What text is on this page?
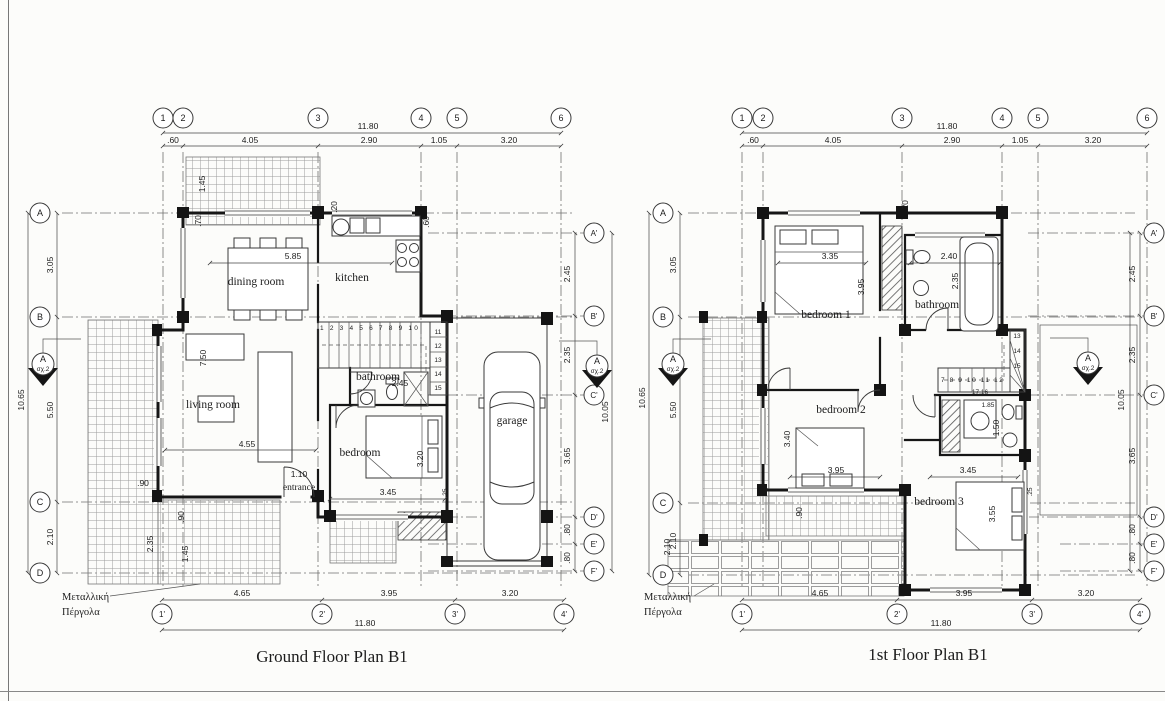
1 2 3 4 5 6 7 8 9 10
11
12
13
14
15
dining room	kitchen
living room
bathroom
bedroom
entrance
garage
5.85
7.50
4.55
1.10
3.45
3.20
2.45
.60
.20
1.45
.70
.90
.90
2.35
1.45
.25
11.80
.60	4.05	2.90	1.05	3.20
1 2	3	4	5	6
10.65
3.05
5.50
2.10
A
B
C
D
10.05
2.45
2.35
3.65
.80
.80
A'
B'
C'
D'
E'
F'
11.80
4.65	3.95	3.20
1'	2'	3'	4'
A
σχ.2
A
σχ.2
Μεταλλική
Πέργολα
Ground Floor Plan B1
7 8 9 10 11 12
13
14
15
bedroom 1
bathroom
bedroom 2
bedroom 3
3.35
3.95
2.40
2.35
3.95
3.40
3.45
3.55
1.50
1.85
17,16
.90
.25
2.10
.20
11.80
.60	4.05	2.90	1.05	3.20
1 2	3	4	5	6
10.65
3.05
5.50
2.10
A
B
C
D
10.05
2.45
2.35
3.65
.80
.80
A'
B'
C'
D'
E'
F'
11.80
4.65	3.95	3.20
1'	2'	3'	4'
A
σχ.2
A
σχ.2
Μεταλλική
Πέργολα
1st Floor Plan B1
